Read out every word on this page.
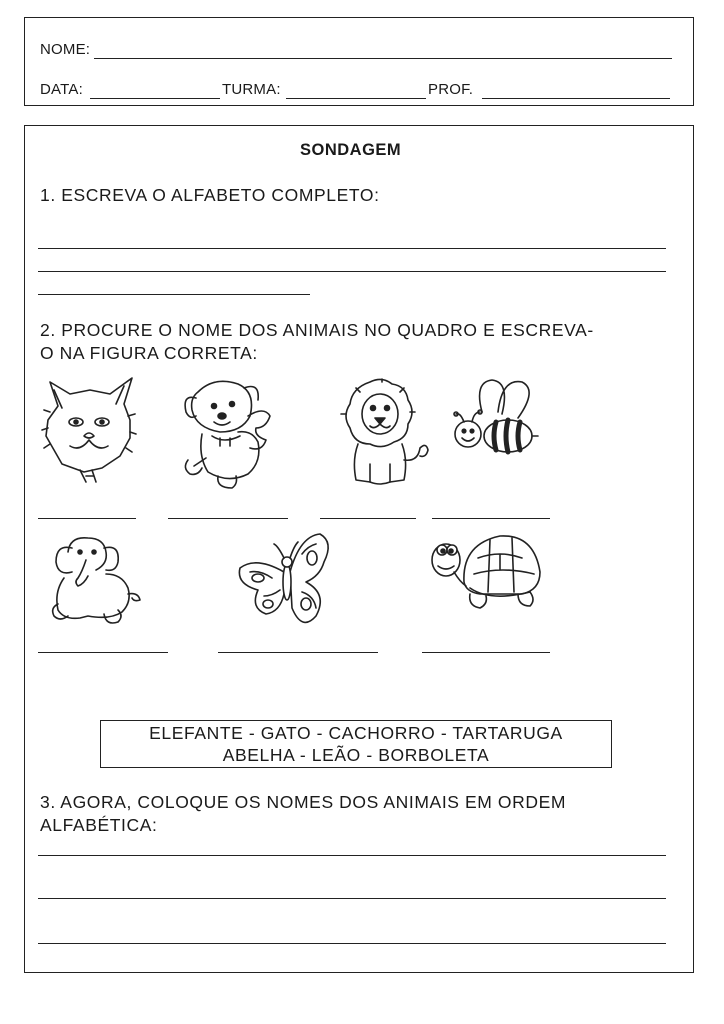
NOME:
DATA:	TURMA:	PROF.
SONDAGEM
1. ESCREVA O ALFABETO COMPLETO:
2. PROCURE O NOME DOS ANIMAIS NO QUADRO E ESCREVA-
O NA FIGURA CORRETA:
ELEFANTE - GATO - CACHORRO - TARTARUGA
ABELHA - LEÃO - BORBOLETA
3. AGORA, COLOQUE OS NOMES DOS ANIMAIS EM ORDEM
ALFABÉTICA:
